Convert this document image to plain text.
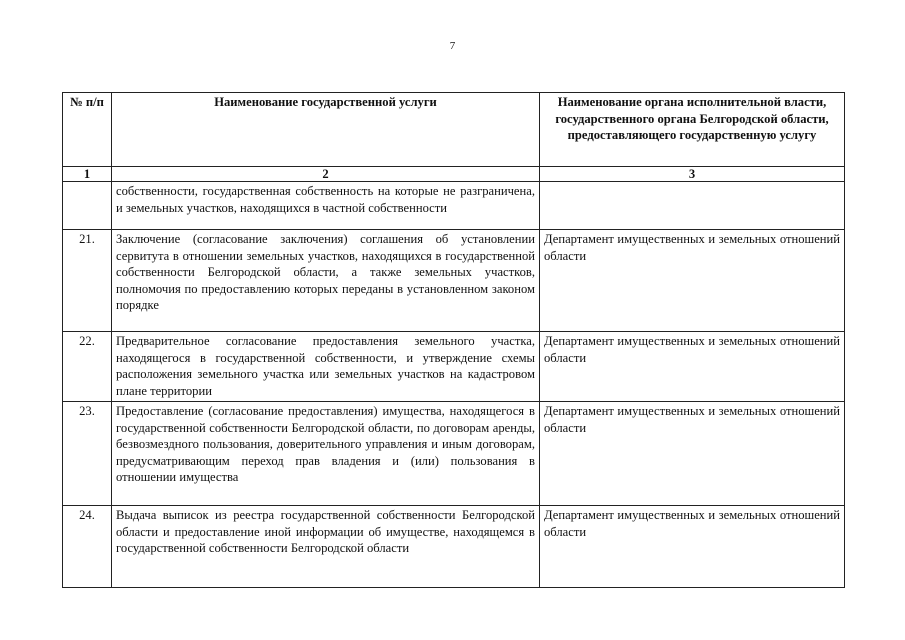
7
№ п/п	Наименование государственной услуги	Наименование органа исполнительной власти, государственного органа Белгородской области, предоставляющего государственную услугу
1	2	3
	собственности, государственная собственность на которые не разграничена, и земельных участков, находящихся в частной собственности	
21.	Заключение (согласование заключения) соглашения об установлении сервитута в отношении земельных участков, находящихся в государственной собственности Белгородской области, а также земельных участков, полномочия по предоставлению которых переданы в установленном законом порядке	Департамент имущественных и земельных отношений области
22.	Предварительное согласование предоставления земельного участка, находящегося в государственной собственности, и утверждение схемы расположения земельного участка или земельных участков на кадастровом плане территории	Департамент имущественных и земельных отношений области
23.	Предоставление (согласование предоставления) имущества, находящегося в государственной собственности Белгородской области, по договорам аренды, безвозмездного пользования, доверительного управления и иным договорам, предусматривающим переход прав владения и (или) пользования в отношении имущества	Департамент имущественных и земельных отношений области
24.	Выдача выписок из реестра государственной собственности Белгородской области и предоставление иной информации об имуществе, находящемся в государственной собственности Белгородской области	Департамент имущественных и земельных отношений области
